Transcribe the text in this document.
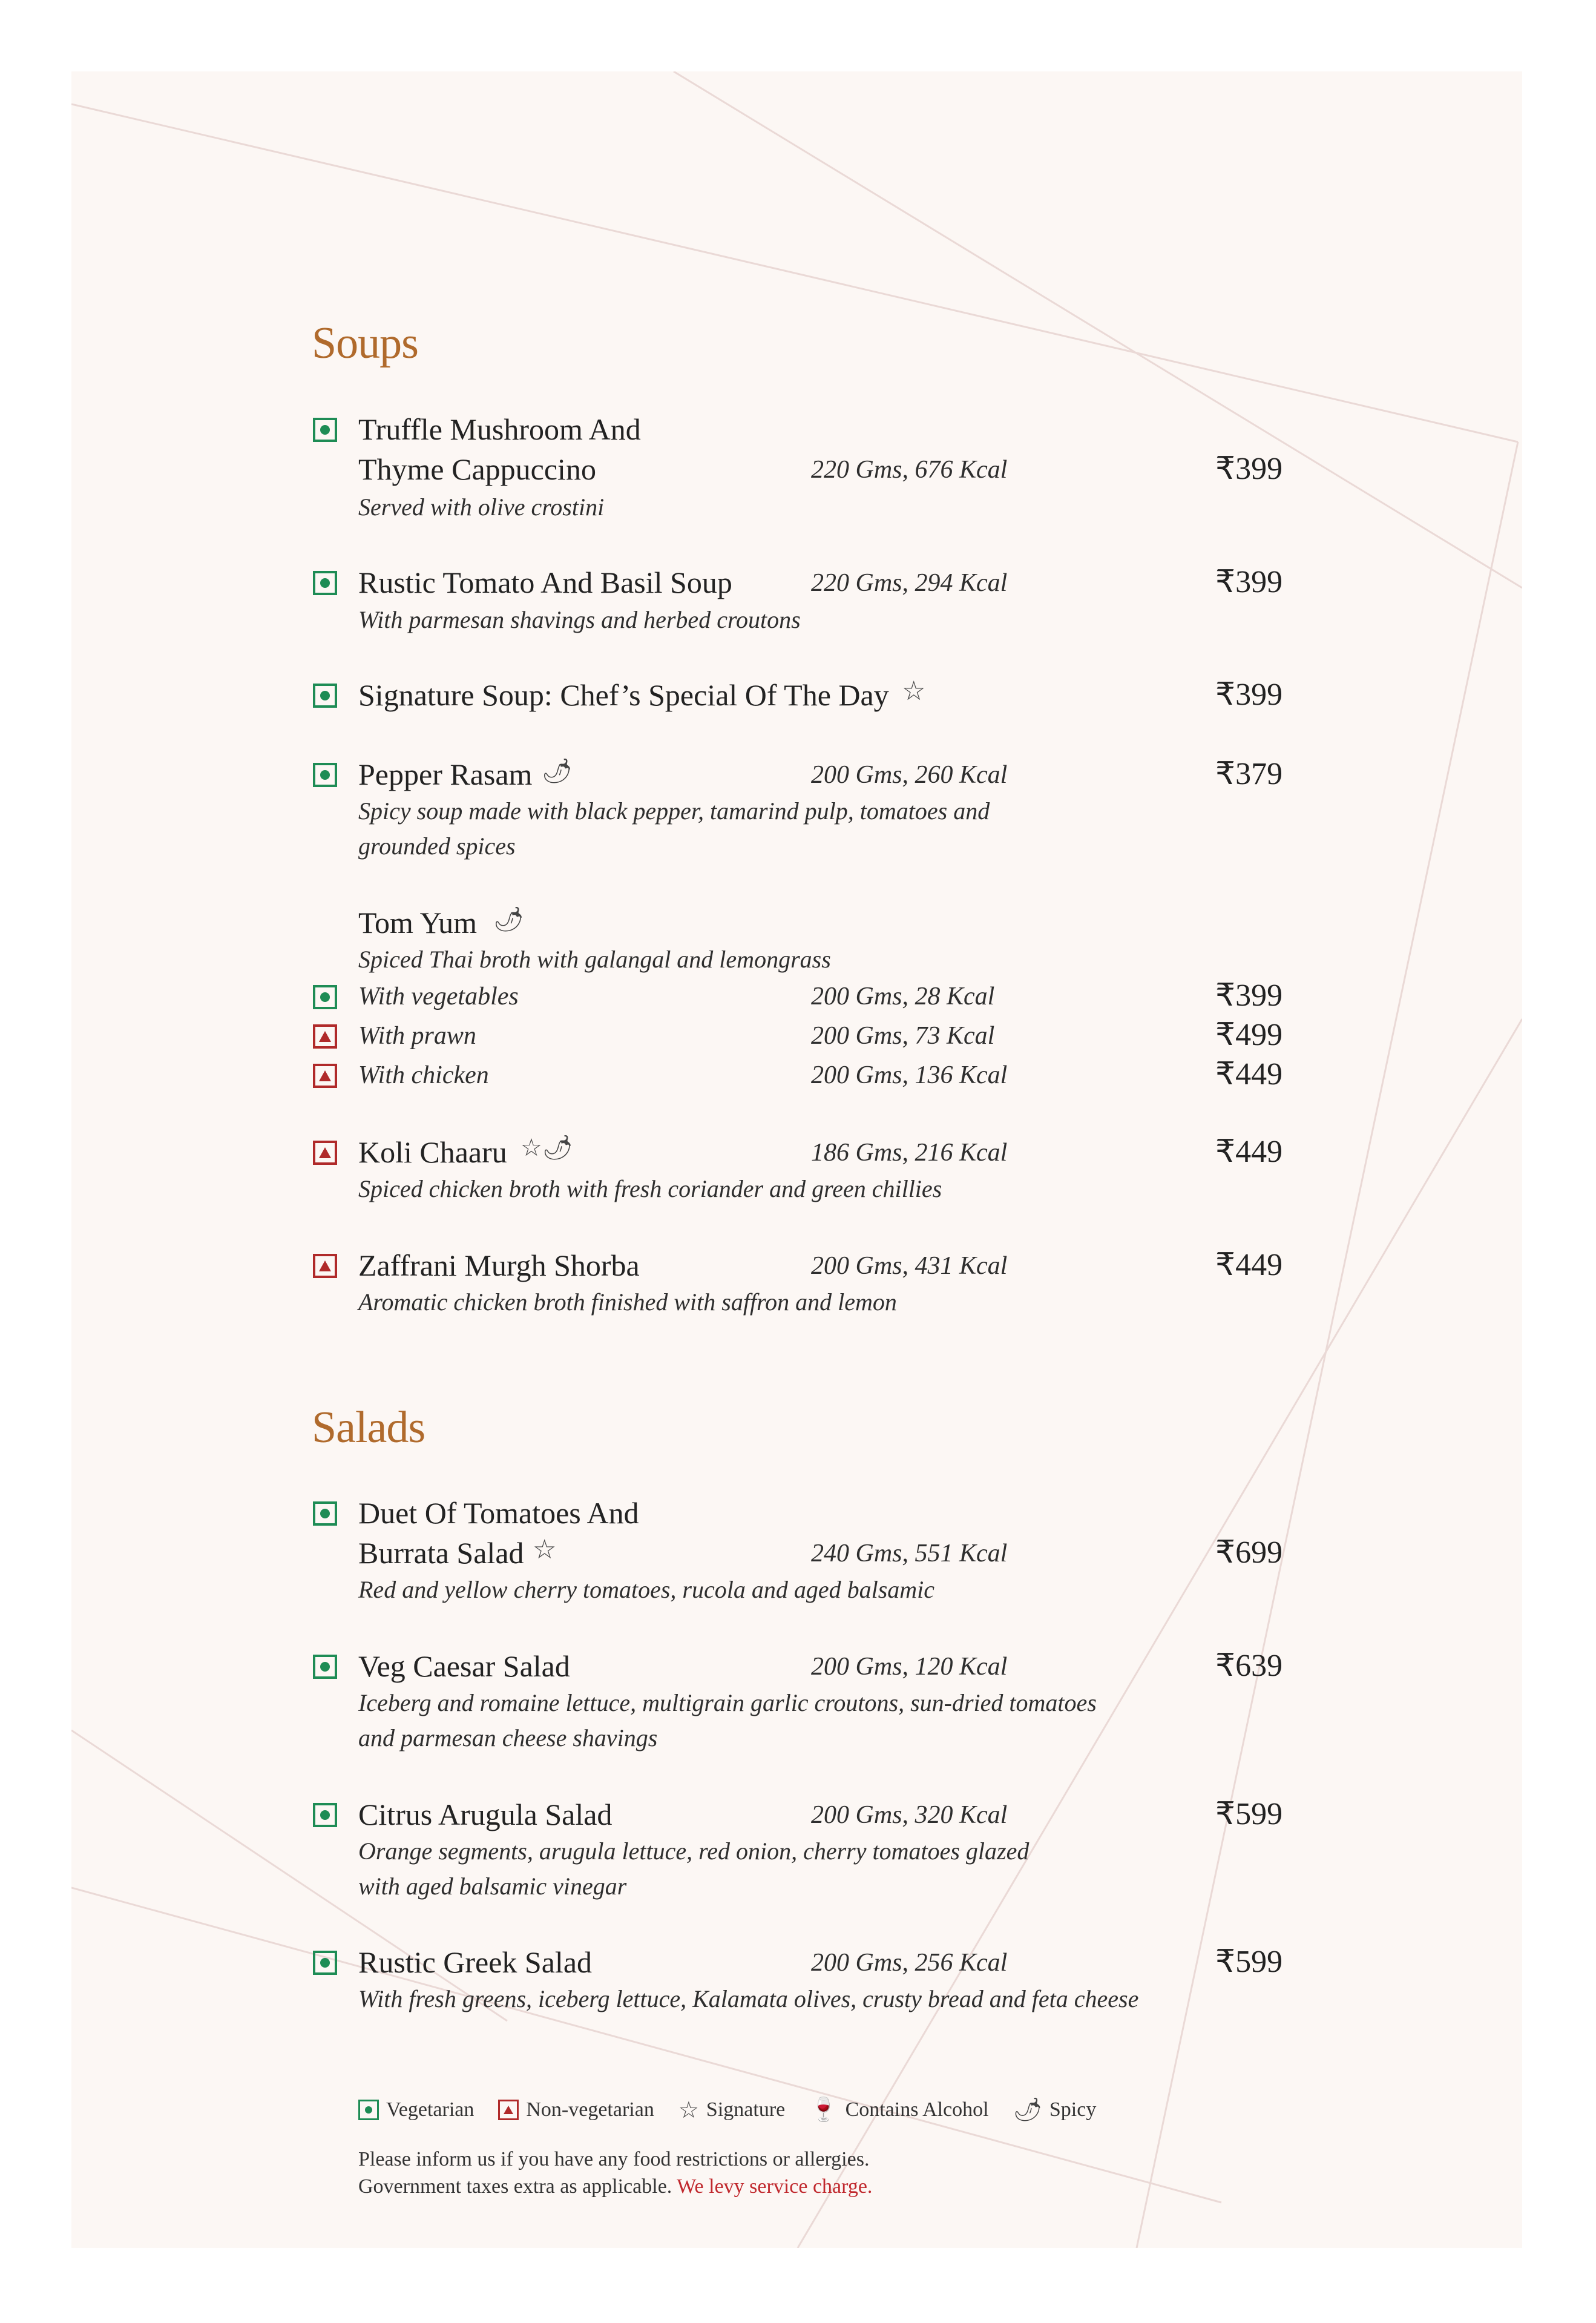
Soups
Truffle Mushroom And
Thyme Cappuccino	220 Gms, 676 Kcal	₹399
Served with olive crostini
Rustic Tomato And Basil Soup	220 Gms, 294 Kcal	₹399
With parmesan shavings and herbed croutons
Signature Soup: Chef’s Special Of The Day ☆	₹399
Pepper Rasam 🌶	200 Gms, 260 Kcal	₹379
Spicy soup made with black pepper, tamarind pulp, tomatoes and
grounded spices
Tom Yum 🌶
Spiced Thai broth with galangal and lemongrass
With vegetables	200 Gms, 28 Kcal	₹399
With prawn	200 Gms, 73 Kcal	₹499
With chicken	200 Gms, 136 Kcal	₹449
Koli Chaaru ☆🌶	186 Gms, 216 Kcal	₹449
Spiced chicken broth with fresh coriander and green chillies
Zaffrani Murgh Shorba	200 Gms, 431 Kcal	₹449
Aromatic chicken broth finished with saffron and lemon
Salads
Duet Of Tomatoes And
Burrata Salad ☆	240 Gms, 551 Kcal	₹699
Red and yellow cherry tomatoes, rucola and aged balsamic
Veg Caesar Salad	200 Gms, 120 Kcal	₹639
Iceberg and romaine lettuce, multigrain garlic croutons, sun-dried tomatoes
and parmesan cheese shavings
Citrus Arugula Salad	200 Gms, 320 Kcal	₹599
Orange segments, arugula lettuce, red onion, cherry tomatoes glazed
with aged balsamic vinegar
Rustic Greek Salad	200 Gms, 256 Kcal	₹599
With fresh greens, iceberg lettuce, Kalamata olives, crusty bread and feta cheese
Vegetarian	Non-vegetarian ☆ Signature 🍷 Contains Alcohol 🌶 Spicy
Please inform us if you have any food restrictions or allergies.
Government taxes extra as applicable. We levy service charge.
